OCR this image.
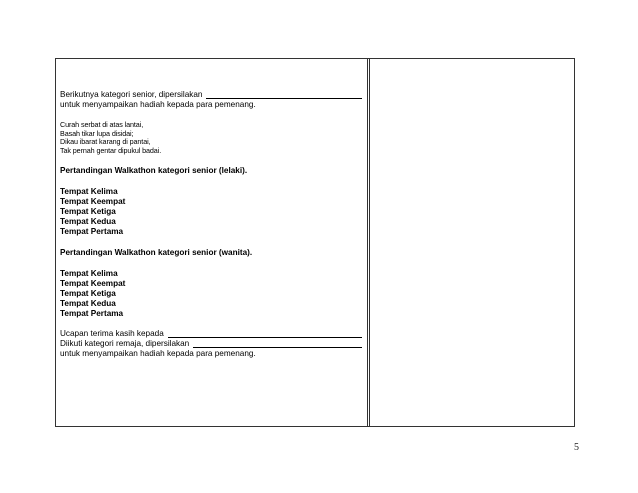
Berikutnya kategori senior, dipersilakan
untuk menyampaikan hadiah kepada para pemenang.
Curah serbat di atas lantai,
Basah tikar lupa disidai;
Dikau ibarat karang di pantai,
Tak pernah gentar dipukul badai.
Pertandingan Walkathon kategori senior (lelaki).
Tempat Kelima
Tempat Keempat
Tempat Ketiga
Tempat Kedua
Tempat Pertama
Pertandingan Walkathon kategori senior (wanita).
Tempat Kelima
Tempat Keempat
Tempat Ketiga
Tempat Kedua
Tempat Pertama
Ucapan terima kasih kepada
Diikuti kategori remaja, dipersilakan
untuk menyampaikan hadiah kepada para pemenang.
5
